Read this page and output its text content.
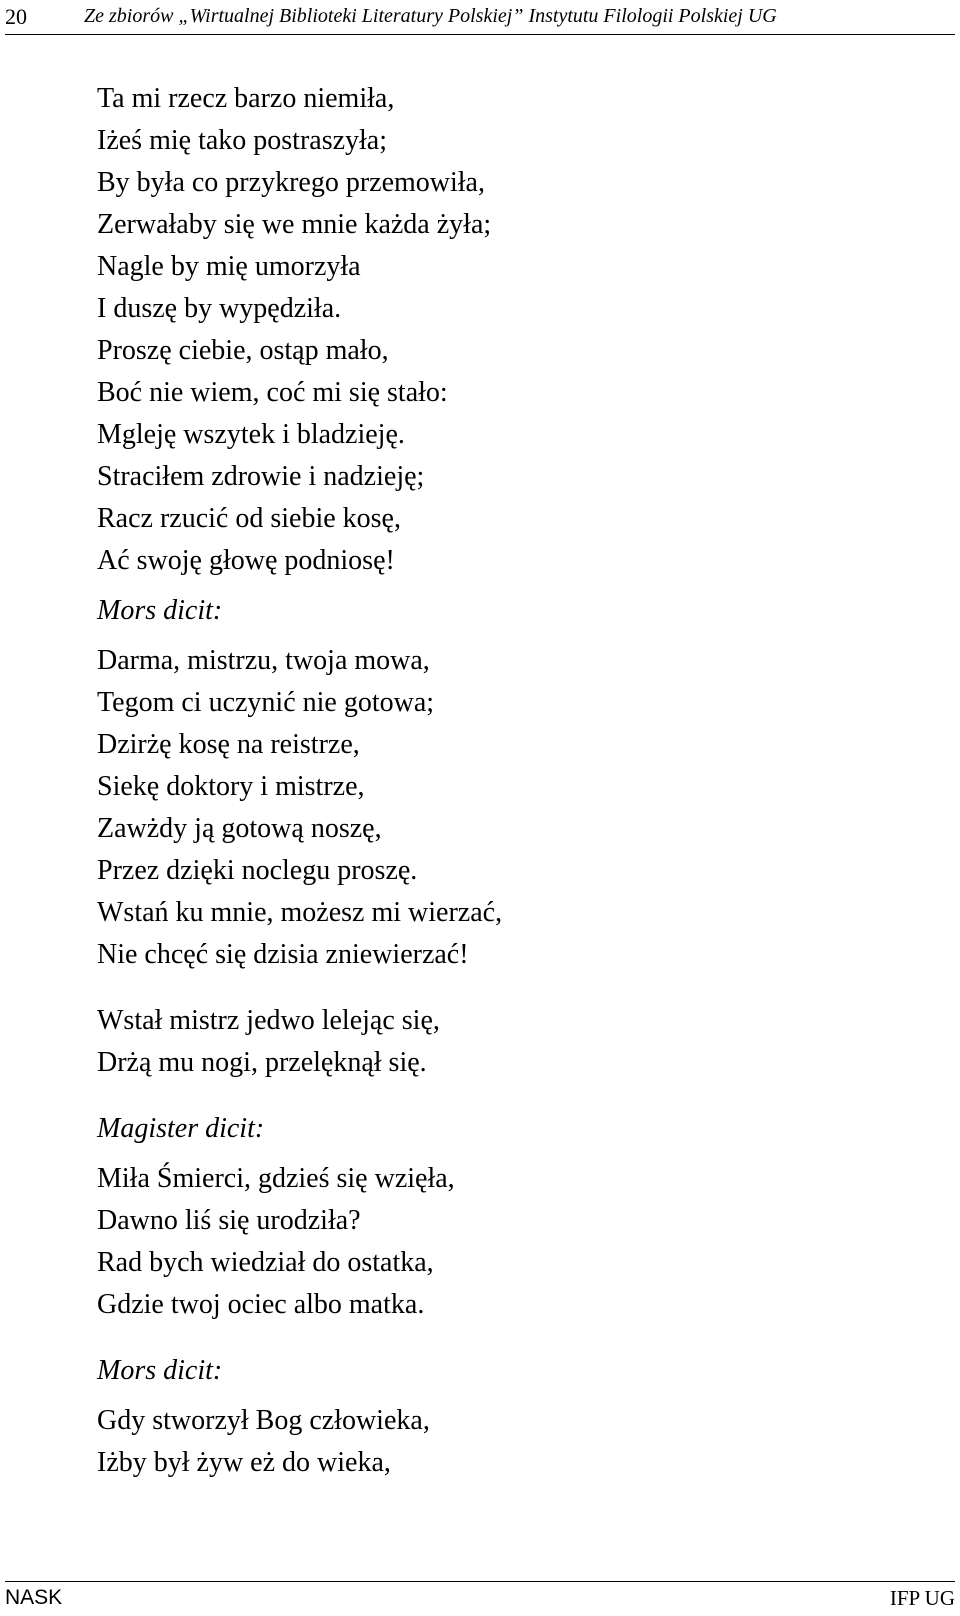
20	Ze zbiorów „Wirtualnej Biblioteki Literatury Polskiej” Instytutu Filologii Polskiej UG
Ta mi rzecz barzo niemiła,
Iżeś mię tako postraszyła;
By była co przykrego przemowiła,
Zerwałaby się we mnie każda żyła;
Nagle by mię umorzyła
I duszę by wypędziła.
Proszę ciebie, ostąp mało,
Boć nie wiem, coć mi się stało:
Mgleję wszytek i bladzieję.
Straciłem zdrowie i nadzieję;
Racz rzucić od siebie kosę,
Ać swoję głowę podniosę!
Mors dicit:
Darma, mistrzu, twoja mowa,
Tegom ci uczynić nie gotowa;
Dzirżę kosę na reistrze,
Siekę doktory i mistrze,
Zawżdy ją gotową noszę,
Przez dzięki noclegu proszę.
Wstań ku mnie, możesz mi wierzać,
Nie chcęć się dzisia zniewierzać!
Wstał mistrz jedwo lelejąc się,
Drżą mu nogi, przelęknął się.
Magister dicit:
Miła Śmierci, gdzieś się wzięła,
Dawno liś się urodziła?
Rad bych wiedział do ostatka,
Gdzie twoj ociec albo matka.
Mors dicit:
Gdy stworzył Bog człowieka,
Iżby był żyw eż do wieka,
NASK	IFP UG
